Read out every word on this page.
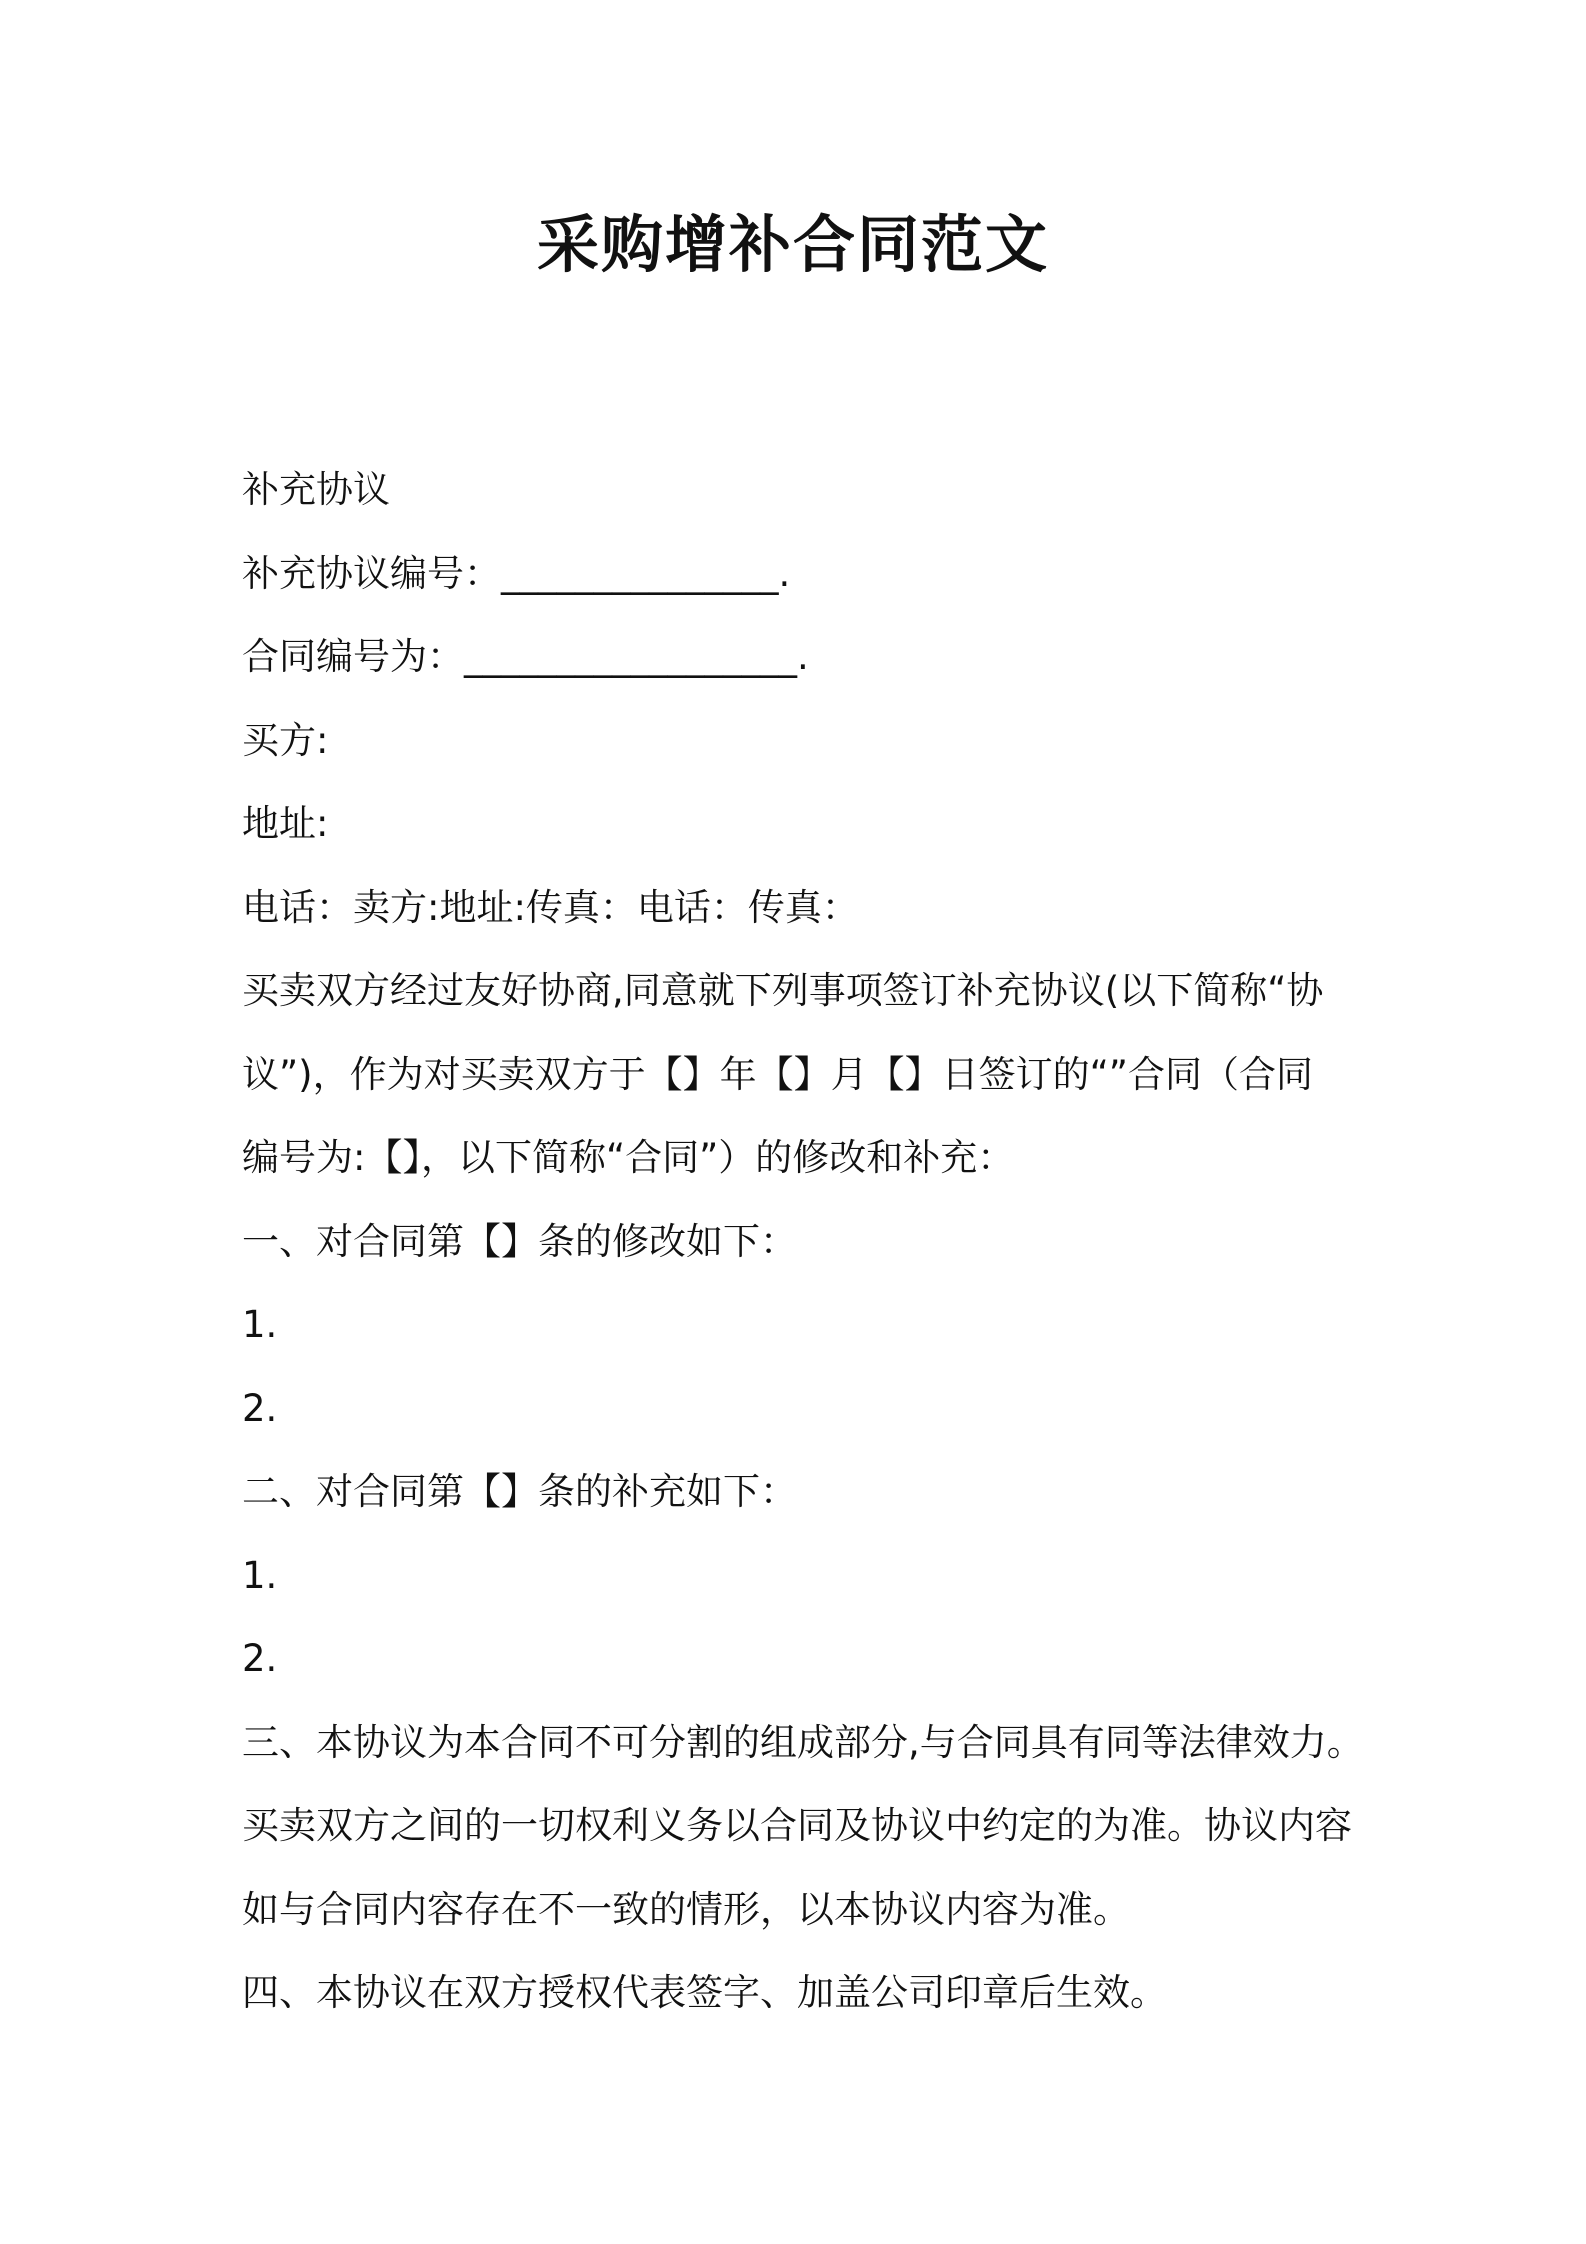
采购增补合同范文

补充协议

补充协议编号：_______________.

合同编号为：__________________.

买方:

地址:

电话：卖方:地址:传真：电话：传真：

买卖双方经过友好协商,同意就下列事项签订补充协议(以下简称“协

议”)，作为对买卖双方于【】年【】月【】日签订的“”合同（合同

编号为:【】，以下简称“合同”）的修改和补充：

一、对合同第【】条的修改如下：

1.

2.

二、对合同第【】条的补充如下：

1.

2.

三、本协议为本合同不可分割的组成部分,与合同具有同等法律效力。

买卖双方之间的一切权利义务以合同及协议中约定的为准。协议内容

如与合同内容存在不一致的情形，以本协议内容为准。

四、本协议在双方授权代表签字、加盖公司印章后生效。
